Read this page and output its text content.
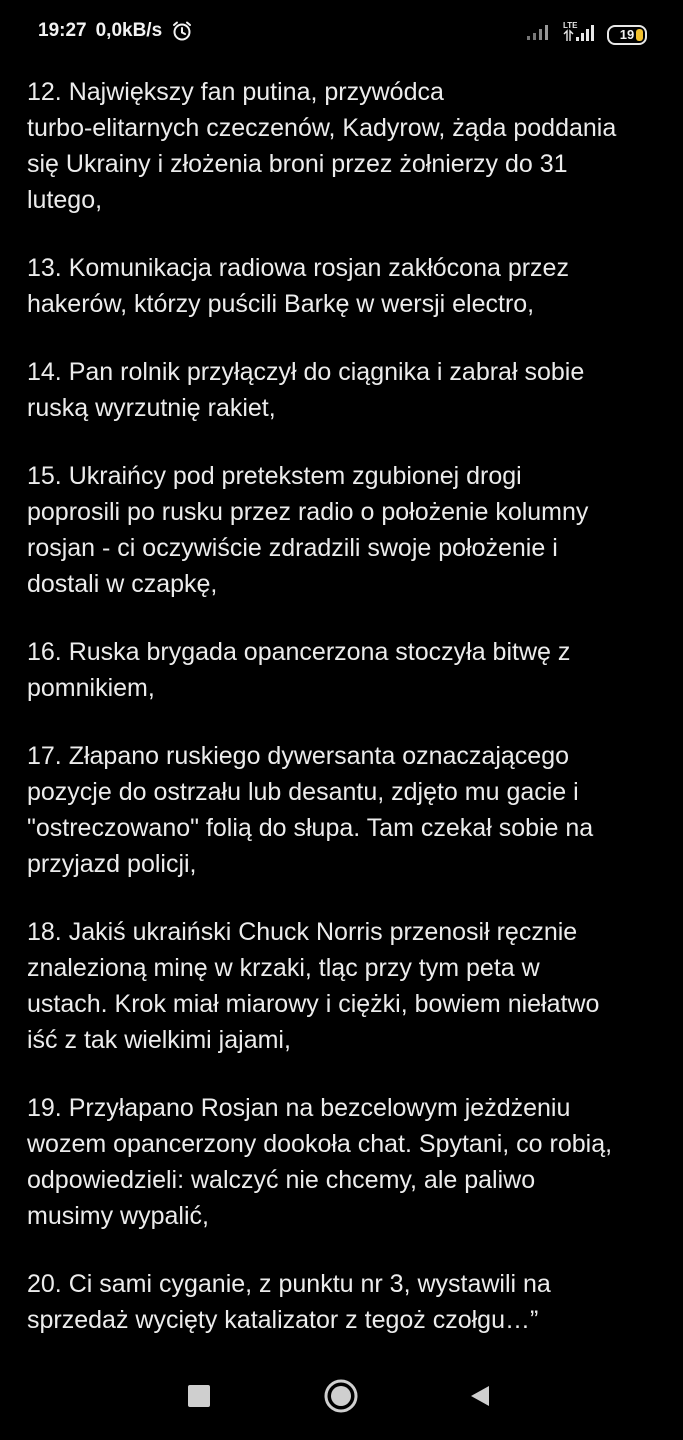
19:27 0,0kB/s	LTE
19

12. Największy fan putina, przywódca
turbo-elitarnych czeczenów, Kadyrow, żąda poddania
się Ukrainy i złożenia broni przez żołnierzy do 31
lutego,

13. Komunikacja radiowa rosjan zakłócona przez
hakerów, którzy puścili Barkę w wersji electro,

14. Pan rolnik przyłączył do ciągnika i zabrał sobie
ruską wyrzutnię rakiet,

15. Ukraińcy pod pretekstem zgubionej drogi
poprosili po rusku przez radio o położenie kolumny
rosjan - ci oczywiście zdradzili swoje położenie i
dostali w czapkę,

16. Ruska brygada opancerzona stoczyła bitwę z
pomnikiem,

17. Złapano ruskiego dywersanta oznaczającego
pozycje do ostrzału lub desantu, zdjęto mu gacie i
"ostreczowano" folią do słupa. Tam czekał sobie na
przyjazd policji,

18. Jakiś ukraiński Chuck Norris przenosił ręcznie
znalezioną minę w krzaki, tląc przy tym peta w
ustach. Krok miał miarowy i ciężki, bowiem niełatwo
iść z tak wielkimi jajami,

19. Przyłapano Rosjan na bezcelowym jeżdżeniu
wozem opancerzony dookoła chat. Spytani, co robią,
odpowiedzieli: walczyć nie chcemy, ale paliwo
musimy wypalić,

20. Ci sami cyganie, z punktu nr 3, wystawili na
sprzedaż wycięty katalizator z tegoż czołgu…”
